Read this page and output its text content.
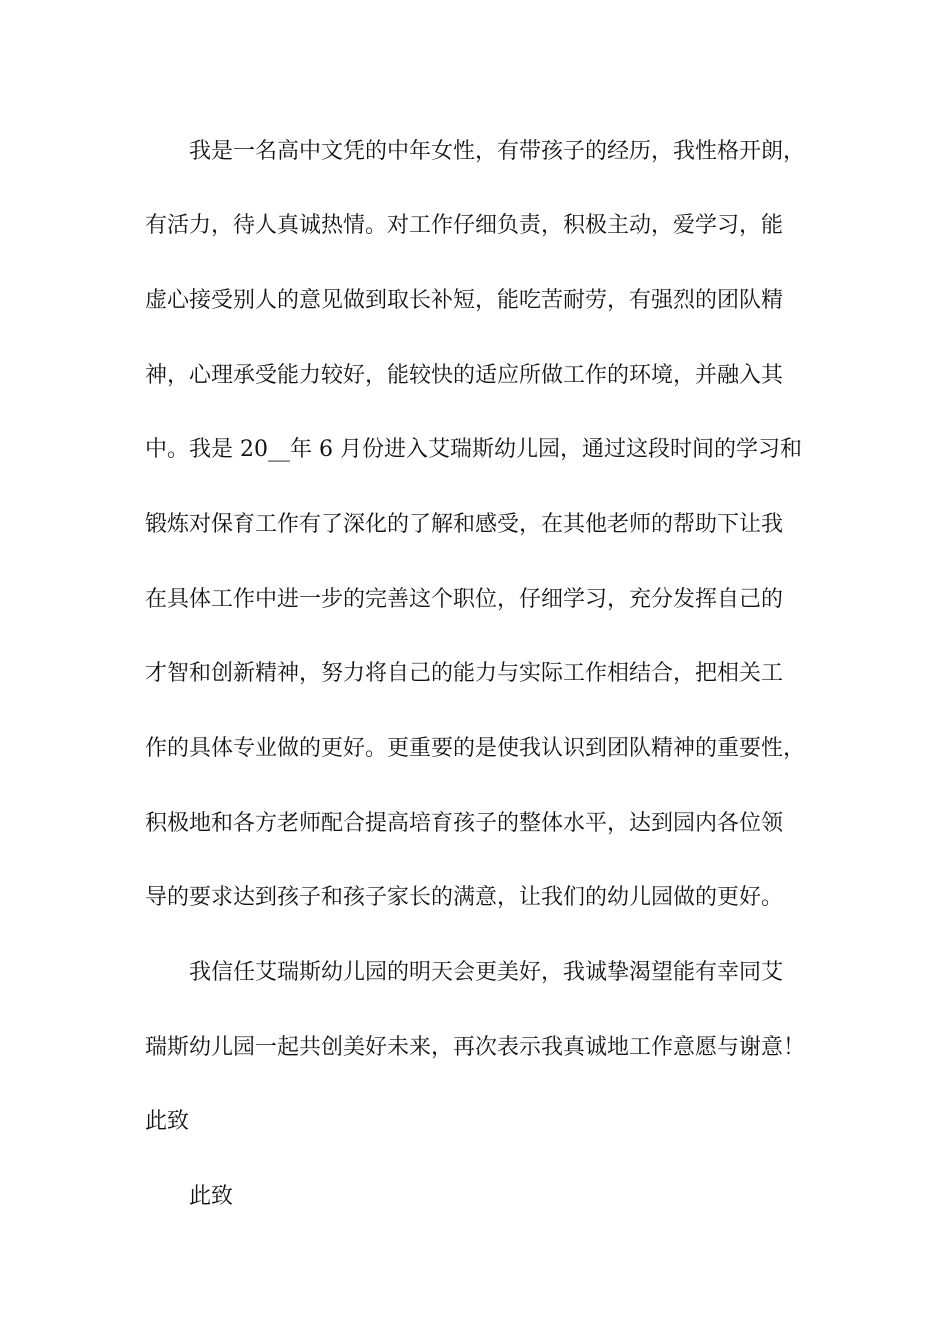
我是一名高中文凭的中年女性，有带孩子的经历，我性格开朗，
有活力，待人真诚热情。对工作仔细负责，积极主动，爱学习，能
虚心接受别人的意见做到取长补短，能吃苦耐劳，有强烈的团队精
神，心理承受能力较好，能较快的适应所做工作的环境，并融入其
中。我是 20__年 6 月份进入艾瑞斯幼儿园，通过这段时间的学习和
锻炼对保育工作有了深化的了解和感受，在其他老师的帮助下让我
在具体工作中进一步的完善这个职位，仔细学习，充分发挥自己的
才智和创新精神，努力将自己的能力与实际工作相结合，把相关工
作的具体专业做的更好。更重要的是使我认识到团队精神的重要性，
积极地和各方老师配合提高培育孩子的整体水平，达到园内各位领
导的要求达到孩子和孩子家长的满意，让我们的幼儿园做的更好。
我信任艾瑞斯幼儿园的明天会更美好，我诚挚渴望能有幸同艾
瑞斯幼儿园一起共创美好未来，再次表示我真诚地工作意愿与谢意！
此致
此致
